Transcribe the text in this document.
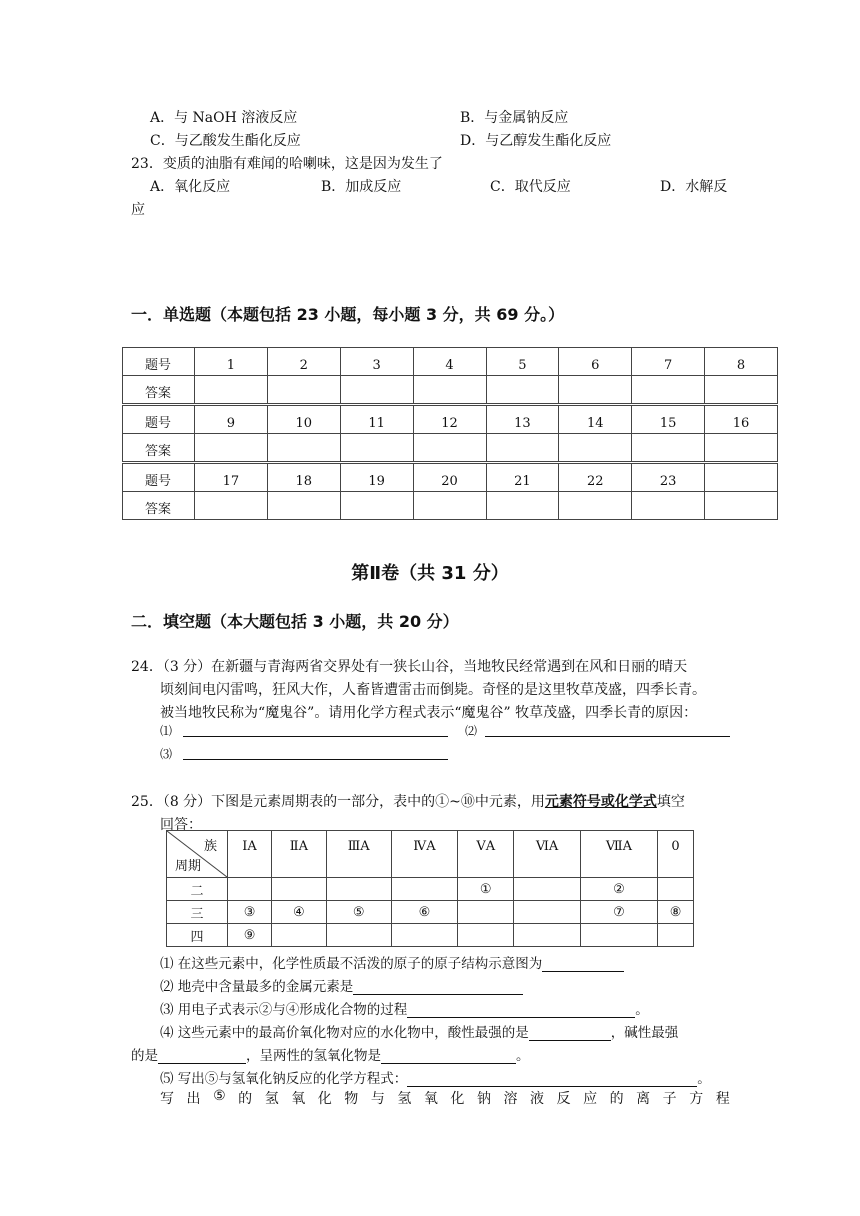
A．与 NaOH 溶液反应	B．与金属钠反应
C．与乙酸发生酯化反应	D．与乙醇发生酯化反应
23．变质的油脂有难闻的哈喇味，这是因为发生了
A．氧化反应	B．加成反应	C．取代反应	D．水解反
应
一．单选题（本题包括 23 小题，每小题 3 分，共 69 分。）
题号	1	2	3	4	5	6	7	8
答案								
题号	9	10	11	12	13	14	15	16
答案								
题号	17	18	19	20	21	22	23	
答案								
第Ⅱ卷（共 31 分）
二．填空题（本大题包括 3 小题，共 20 分）
24．（3 分）在新疆与青海两省交界处有一狭长山谷，当地牧民经常遇到在风和日丽的晴天
顷刻间电闪雷鸣，狂风大作，人畜皆遭雷击而倒毙。奇怪的是这里牧草茂盛，四季长青。
被当地牧民称为“魔鬼谷”。请用化学方程式表示“魔鬼谷” 牧草茂盛，四季长青的原因：
⑴	⑵
⑶
25．（8 分）下图是元素周期表的一部分，表中的①~⑩中元素，用元素符号或化学式填空
回答：
族
周期	ⅠA	ⅡA	ⅢA	ⅣA	ⅤA	ⅥA	ⅦA	0
二					①		②	
三	③	④	⑤	⑥			⑦	⑧
四	⑨							
⑴ 在这些元素中，化学性质最不活泼的原子的原子结构示意图为
⑵ 地壳中含量最多的金属元素是
⑶ 用电子式表示②与④形成化合物的过程	。
⑷ 这些元素中的最高价氧化物对应的水化物中，酸性最强的是	，碱性最强
的是	，呈两性的氢氧化物是	。
⑸ 写出⑤与氢氧化钠反应的化学方程式：	。
写 出 ⑤ 的 氢 氧 化 物 与 氢 氧 化 钠 溶 液 反 应 的 离 子 方 程
